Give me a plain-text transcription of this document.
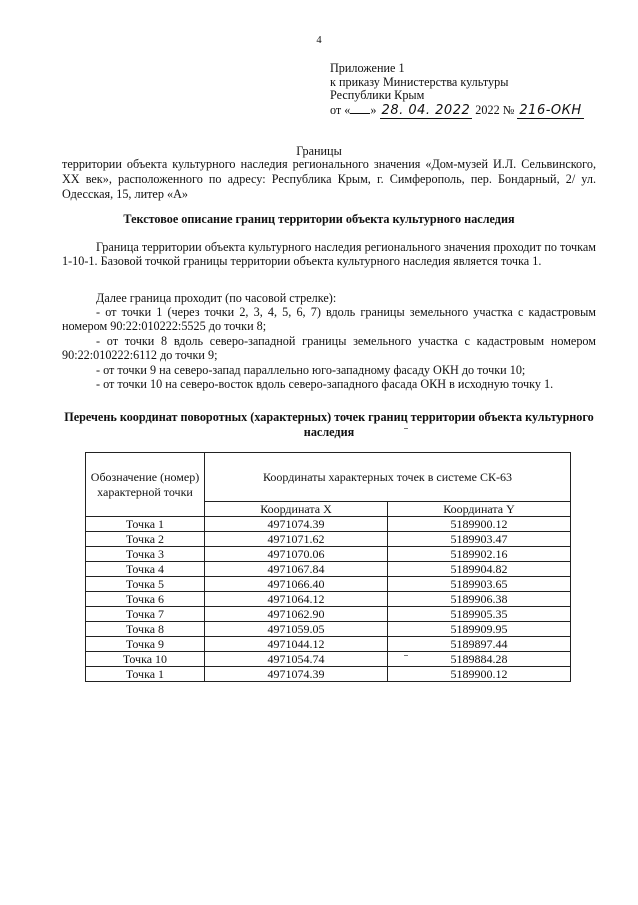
4
Приложение 1
к приказу Министерства культуры
Республики Крым
от « » 28. 04. 2022 2022 № 216-ОКН
Границы
территории объекта культурного наследия регионального значения «Дом-музей И.Л. Сельвинского, XX век», расположенного по адресу: Республика Крым, г. Симферополь, пер. Бондарный, 2/ ул. Одесская, 15, литер «А»
Текстовое описание границ территории объекта культурного наследия
Граница территории объекта культурного наследия регионального значения проходит по точкам 1-10-1. Базовой точкой границы территории объекта культурного наследия является точка 1.
Далее граница проходит (по часовой стрелке):
- от точки 1 (через точки 2, 3, 4, 5, 6, 7) вдоль границы земельного участка с кадастровым номером 90:22:010222:5525 до точки 8;
- от точки 8 вдоль северо-западной границы земельного участка с кадастровым номером 90:22:010222:6112 до точки 9;
- от точки 9 на северо-запад параллельно юго-западному фасаду ОКН до точки 10;
- от точки 10 на северо-восток вдоль северо-западного фасада ОКН в исходную точку 1.
Перечень координат поворотных (характерных) точек границ территории объекта культурного наследия
Обозначение (номер) характерной точки	Координаты характерных точек в системе СК-63	
	Координата X	Координата Y
Точка 1	4971074.39	5189900.12
Точка 2	4971071.62	5189903.47
Точка 3	4971070.06	5189902.16
Точка 4	4971067.84	5189904.82
Точка 5	4971066.40	5189903.65
Точка 6	4971064.12	5189906.38
Точка 7	4971062.90	5189905.35
Точка 8	4971059.05	5189909.95
Точка 9	4971044.12	5189897.44
Точка 10	4971054.74	5189884.28
Точка 1	4971074.39	5189900.12
